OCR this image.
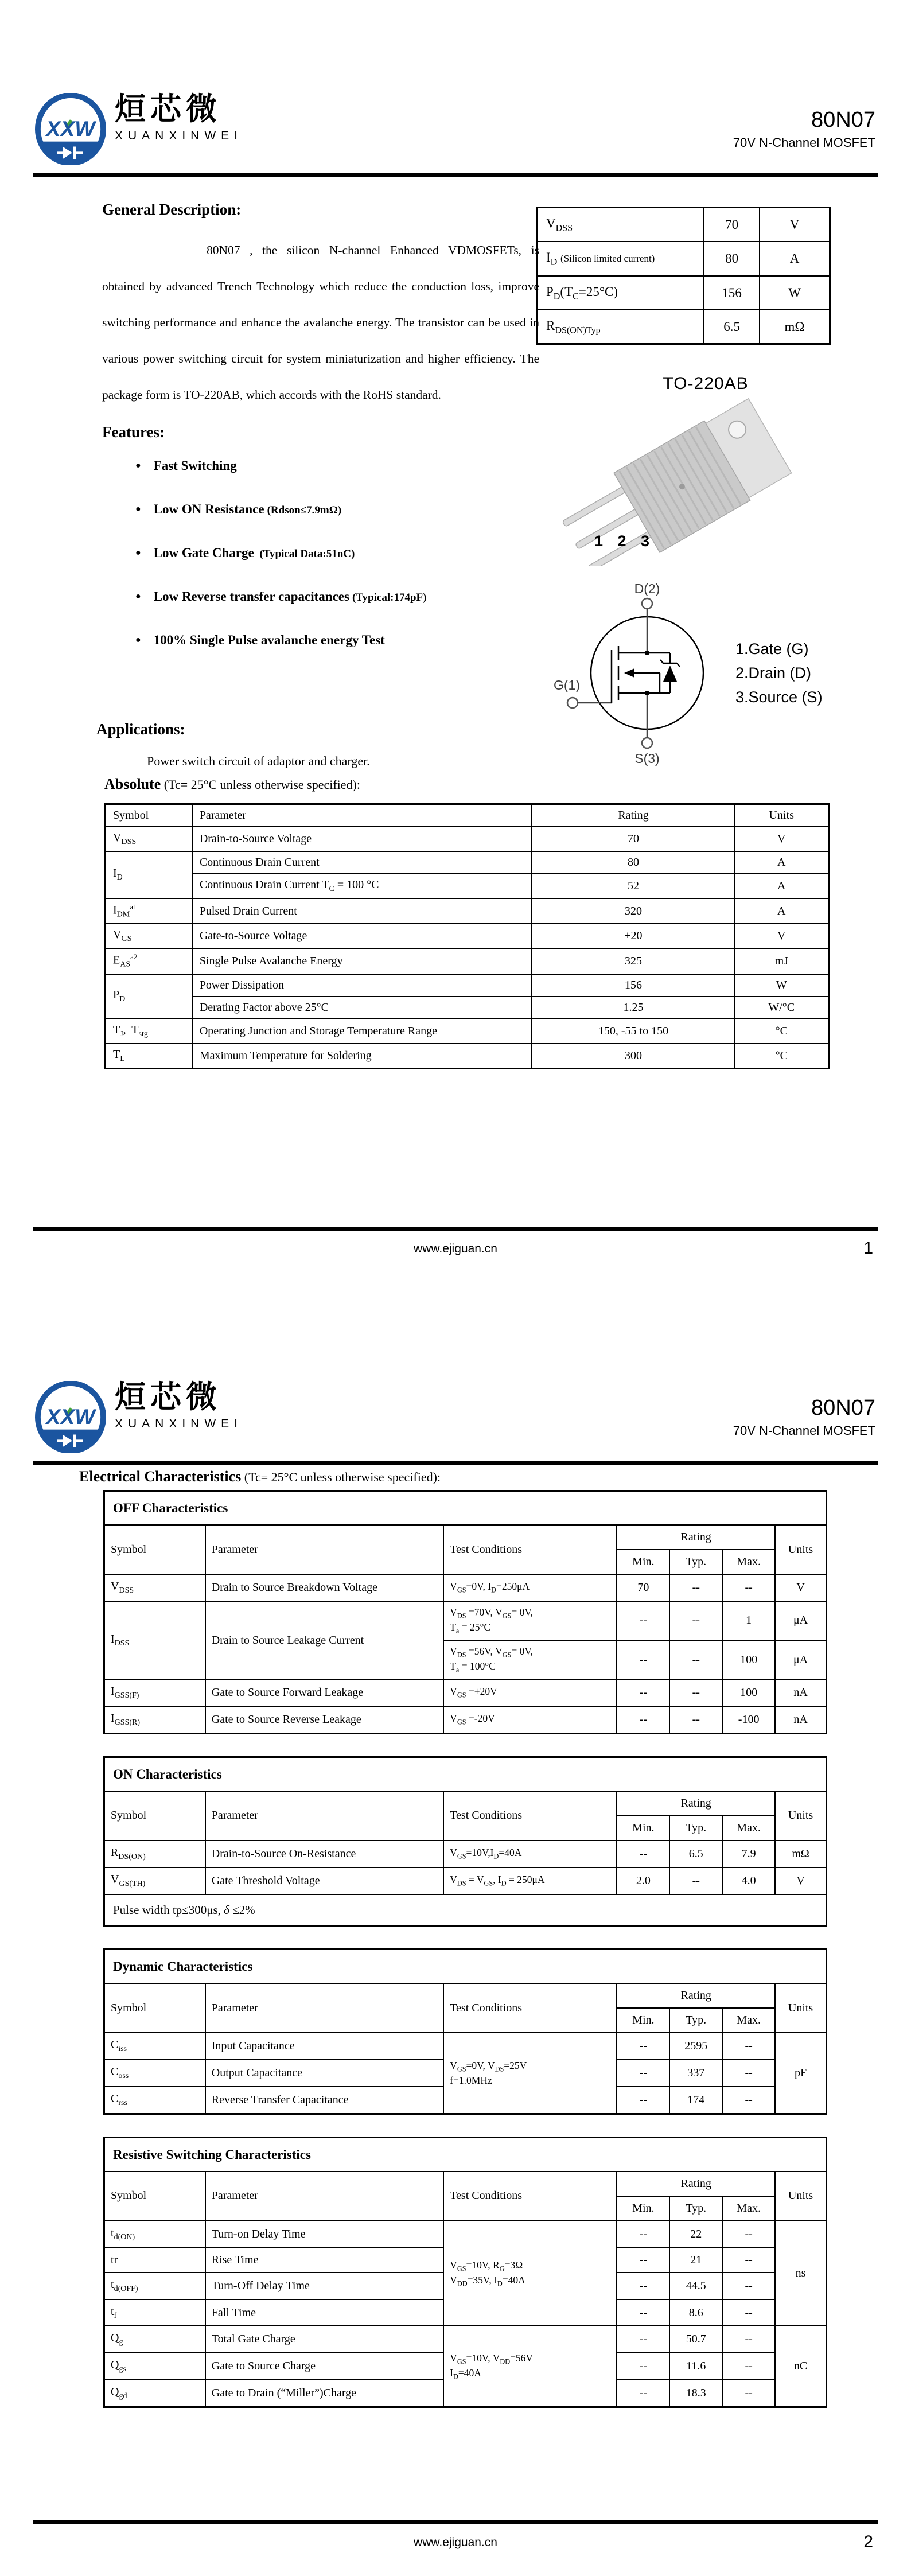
XXW
烜芯微
XUANXINWEI
80N07
70V N-Channel MOSFET
General Description:

80N07 , the silicon N-channel Enhanced VDMOSFETs, is obtained by advanced Trench Technology which reduce the conduction loss, improve switching performance and enhance the avalanche energy. The transistor can be used in various power switching circuit for system miniaturization and higher efficiency. The package form is TO-220AB, which accords with the RoHS standard.

Features:
● Fast Switching
● Low ON Resistance (Rdson≤7.9mΩ)
● Low Gate Charge (Typical Data:51nC)
● Low Reverse transfer capacitances (Typical:174pF)
● 100% Single Pulse avalanche energy Test
$V_{DSS}$	70	V
$I_D$ (Silicon limited current)	80	A
$P_D(T_C=25^\circ C)$	156	W
$R_{DS(ON)Typ}$	6.5	mΩ
TO-220AB
1 2 3
D(2)
G(1)
S(3)
1.Gate (G)
2.Drain (D)
3.Source (S)
Applications:
Power switch circuit of adaptor and charger.
Absolute (Tc= 25°C unless otherwise specified):
Symbol	Parameter	Rating	Units
$V_{DSS}$	Drain-to-Source Voltage	70	V
$I_D$	Continuous Drain Current	80	A
	Continuous Drain Current $T_C = 100$ °C	52	A
$I_{DM}^{a1}$	Pulsed Drain Current	320	A
$V_{GS}$	Gate-to-Source Voltage	±20	V
$E_{AS}^{a2}$	Single Pulse Avalanche Energy	325	mJ
$P_D$	Power Dissipation	156	W
	Derating Factor above 25°C	1.25	W/°C
$T_J$,  $T_{stg}$	Operating Junction and Storage Temperature Range	150, -55 to 150	°C
$T_L$	Maximum Temperature for Soldering	300	°C
www.ejiguan.cn	1
XXW
烜芯微
XUANXINWEI
80N07
70V N-Channel MOSFET
Electrical Characteristics (Tc= 25°C unless otherwise specified):
OFF Characteristics						
Symbol	Parameter	Test Conditions	Rating			Units
			Min.	Typ.	Max.	
$V_{DSS}$	Drain to Source Breakdown Voltage	$V_{GS}=0V$, $I_D=250\mu A$	70	--	--	V
$I_{DSS}$	Drain to Source Leakage Current	$V_{DS} =70V$, $V_{GS}= 0V$,
$T_a = 25^\circ C$	--	--	1	μA
		$V_{DS} =56V$, $V_{GS}= 0V$,
$T_a = 100^\circ C$	--	--	100	μA
$I_{GSS(F)}$	Gate to Source Forward Leakage	$V_{GS} =+20V$	--	--	100	nA
$I_{GSS(R)}$	Gate to Source Reverse Leakage	$V_{GS} =-20V$	--	--	-100	nA
ON Characteristics						
Symbol	Parameter	Test Conditions	Rating			Units
			Min.	Typ.	Max.	
$R_{DS(ON)}$	Drain-to-Source On-Resistance	$V_{GS}=10V,I_D=40A$	--	6.5	7.9	mΩ
$V_{GS(TH)}$	Gate Threshold Voltage	$V_{DS} = V_{GS}$, $I_D = 250\mu A$	2.0	--	4.0	V
Pulse width tp≤300μs, δ ≤2%						
Dynamic Characteristics						
Symbol	Parameter	Test Conditions	Rating			Units
			Min.	Typ.	Max.	
$C_{iss}$	Input Capacitance	$V_{GS}=0V$, $V_{DS}=25V$
f=1.0MHz	--	2595	--	pF
$C_{oss}$	Output Capacitance		--	337	--	
$C_{rss}$	Reverse Transfer Capacitance		--	174	--	
Resistive Switching Characteristics						
Symbol	Parameter	Test Conditions	Rating			Units
			Min.	Typ.	Max.	
$t_{d(ON)}$	Turn-on Delay Time	$V_{GS}=10V$, $R_G=3\Omega$
$V_{DD}=35V$, $I_D=40A$	--	22	--	ns
tr	Rise Time		--	21	--	
$t_{d(OFF)}$	Turn-Off Delay Time		--	44.5	--	
$t_f$	Fall Time		--	8.6	--	
$Q_g$	Total Gate Charge	$V_{GS}=10V$, $V_{DD}=56V$
$I_D=40A$	--	50.7	--	nC
$Q_{gs}$	Gate to Source Charge		--	11.6	--	
$Q_{gd}$	Gate to Drain (“Miller”)Charge		--	18.3	--	
www.ejiguan.cn	2
